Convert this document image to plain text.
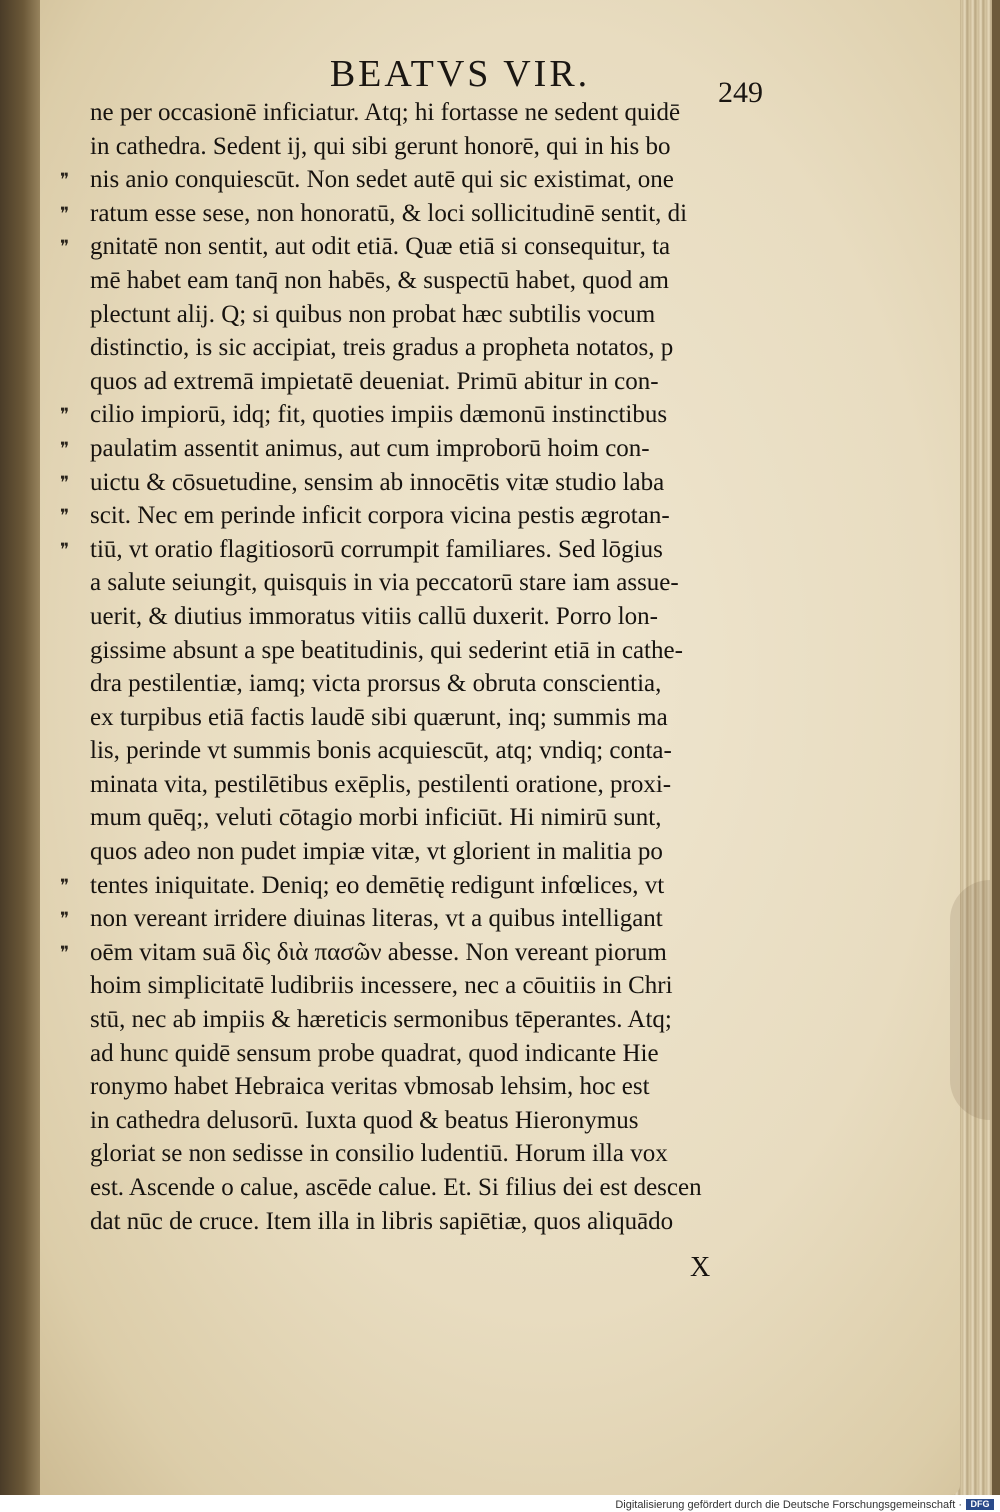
BEATVS VIR.	249
ne per occasionē inficiatur. Atq; hi fortasse ne sedent quidē
in cathedra. Sedent ij, qui sibi gerunt honorē, qui in his bo
❞ nis anio conquiescūt. Non sedet autē qui sic existimat, one
❞ ratum esse sese, non honoratū, & loci sollicitudinē sentit, di
❞ gnitatē non sentit, aut odit etiā. Quæ etiā si consequitur, ta
mē habet eam tanq̄ non habēs, & suspectū habet, quod am
plectunt alij. Q; si quibus non probat hæc subtilis vocum
distinctio, is sic accipiat, treis gradus a propheta notatos, p
quos ad extremā impietatē deueniat. Primū abitur in con-
❞ cilio impiorū, idq; fit, quoties impiis dæmonū instinctibus
❞ paulatim assentit animus, aut cum improborū hoim con-
❞ uictu & cōsuetudine, sensim ab innocētis vitæ studio laba
❞ scit. Nec em perinde inficit corpora vicina pestis ægrotan-
❞ tiū, vt oratio flagitiosorū corrumpit familiares. Sed lōgius
a salute seiungit, quisquis in via peccatorū stare iam assue-
uerit, & diutius immoratus vitiis callū duxerit. Porro lon-
gissime absunt a spe beatitudinis, qui sederint etiā in cathe-
dra pestilentiæ, iamq; victa prorsus & obruta conscientia,
ex turpibus etiā factis laudē sibi quærunt, inq; summis ma
lis, perinde vt summis bonis acquiescūt, atq; vndiq; conta-
minata vita, pestilētibus exēplis, pestilenti oratione, proxi-
mum quēq;, veluti cōtagio morbi inficiūt. Hi nimirū sunt,
quos adeo non pudet impiæ vitæ, vt glorient in malitia po
❞ tentes iniquitate. Deniq; eo demētię redigunt infœlices, vt
❞ non vereant irridere diuinas literas, vt a quibus intelligant
❞ oēm vitam suā δὶς διὰ πασῶν abesse. Non vereant piorum
hoim simplicitatē ludibriis incessere, nec a cōuitiis in Chri
stū, nec ab impiis & hæreticis sermonibus tēperantes. Atq;
ad hunc quidē sensum probe quadrat, quod indicante Hie
ronymo habet Hebraica veritas vbmosab lehsim, hoc est
in cathedra delusorū. Iuxta quod & beatus Hieronymus
gloriat se non sedisse in consilio ludentiū. Horum illa vox
est. Ascende o calue, ascēde calue. Et. Si filius dei est descen
dat nūc de cruce. Item illa in libris sapiētiæ, quos aliquādo
X
Digitalisierung gefördert durch die Deutsche Forschungsgemeinschaft · DFG
